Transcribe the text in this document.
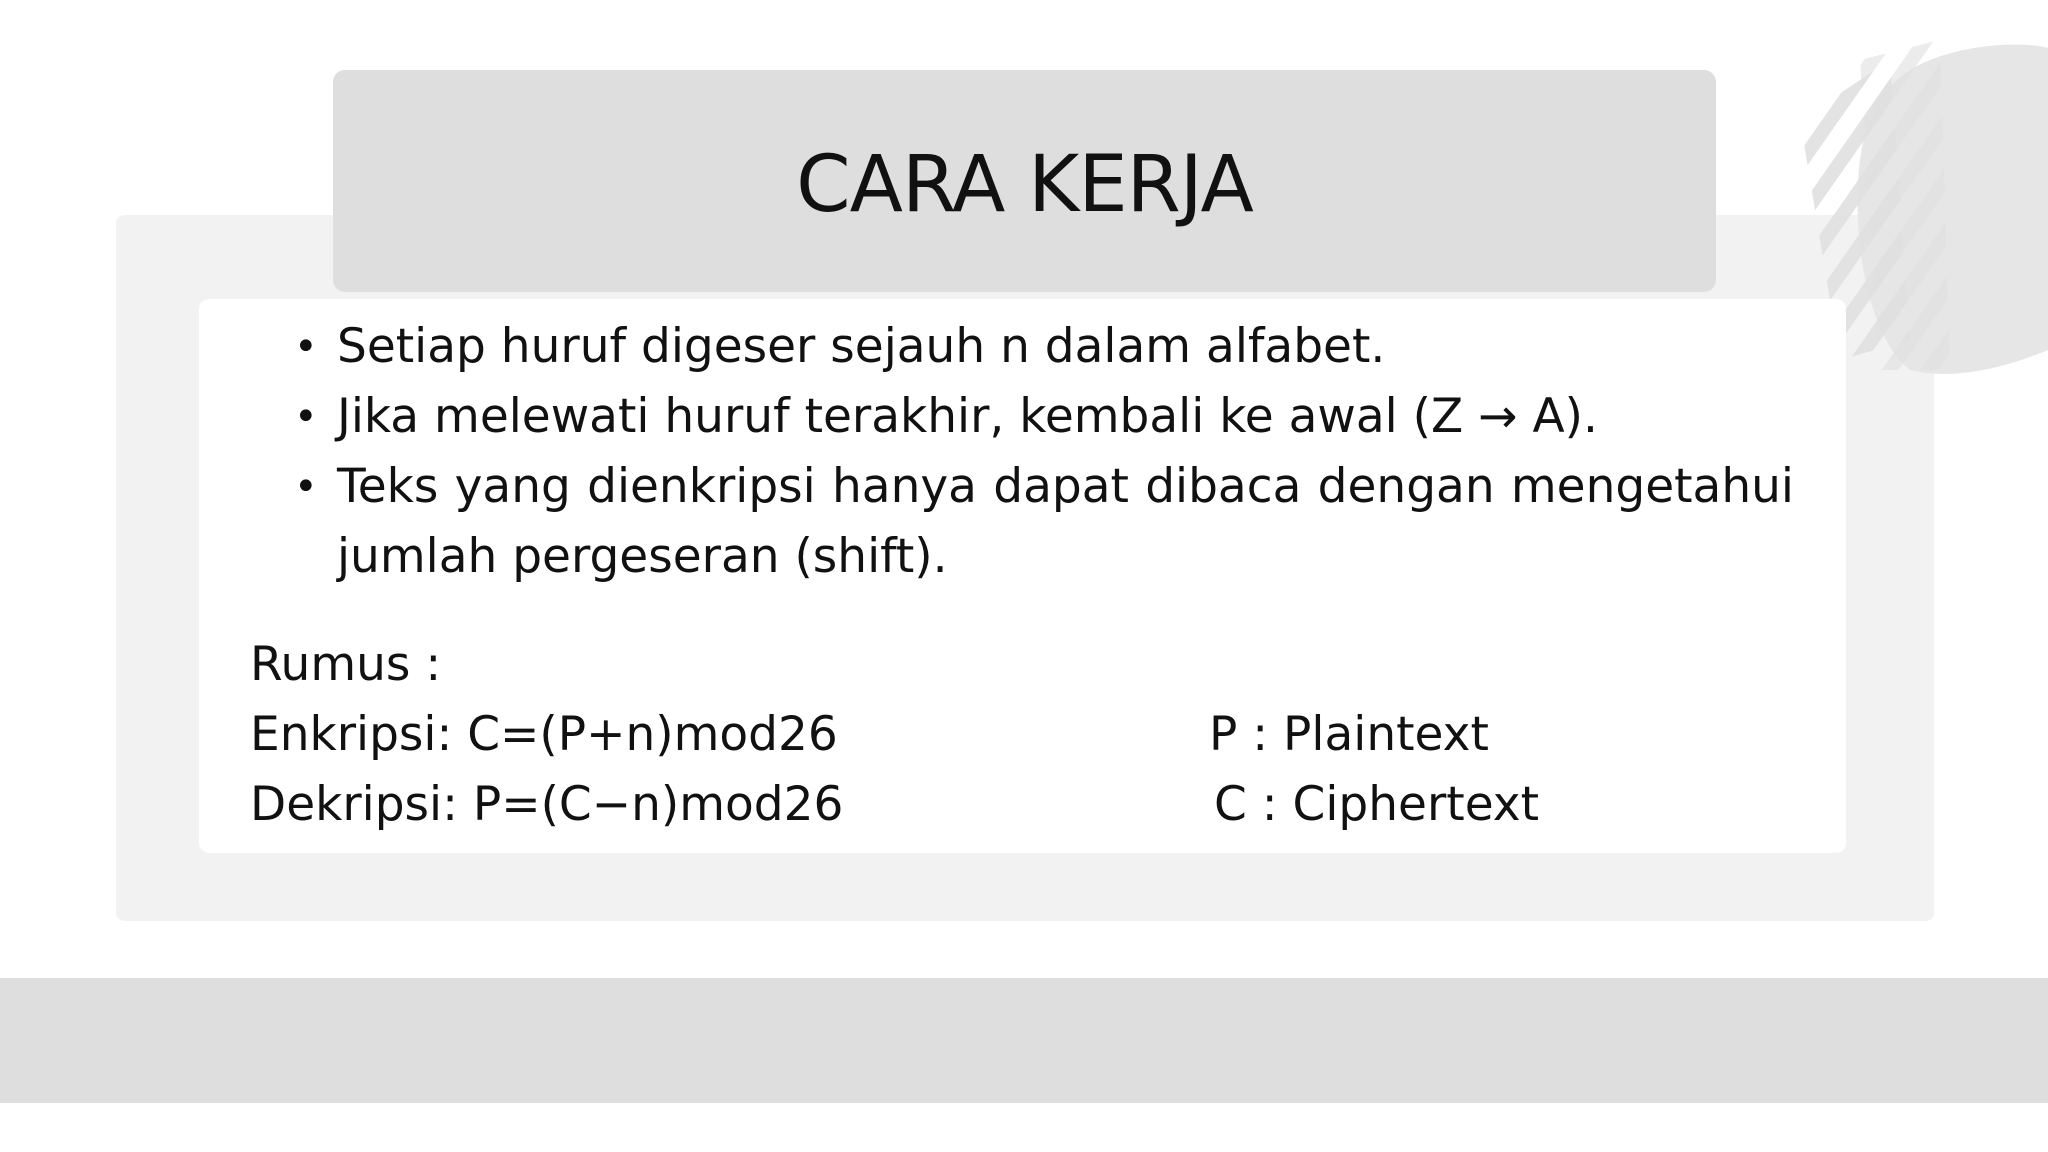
CARA KERJA
• Setiap huruf digeser sejauh n dalam alfabet.
• Jika melewati huruf terakhir, kembali ke awal (Z → A).
• Teks yang dienkripsi hanya dapat dibaca dengan mengetahui jumlah pergeseran (shift).
Rumus :
Enkripsi: C=(P+n)mod26
Dekripsi: P=(C−n)mod26
P : Plaintext
C : Ciphertext
